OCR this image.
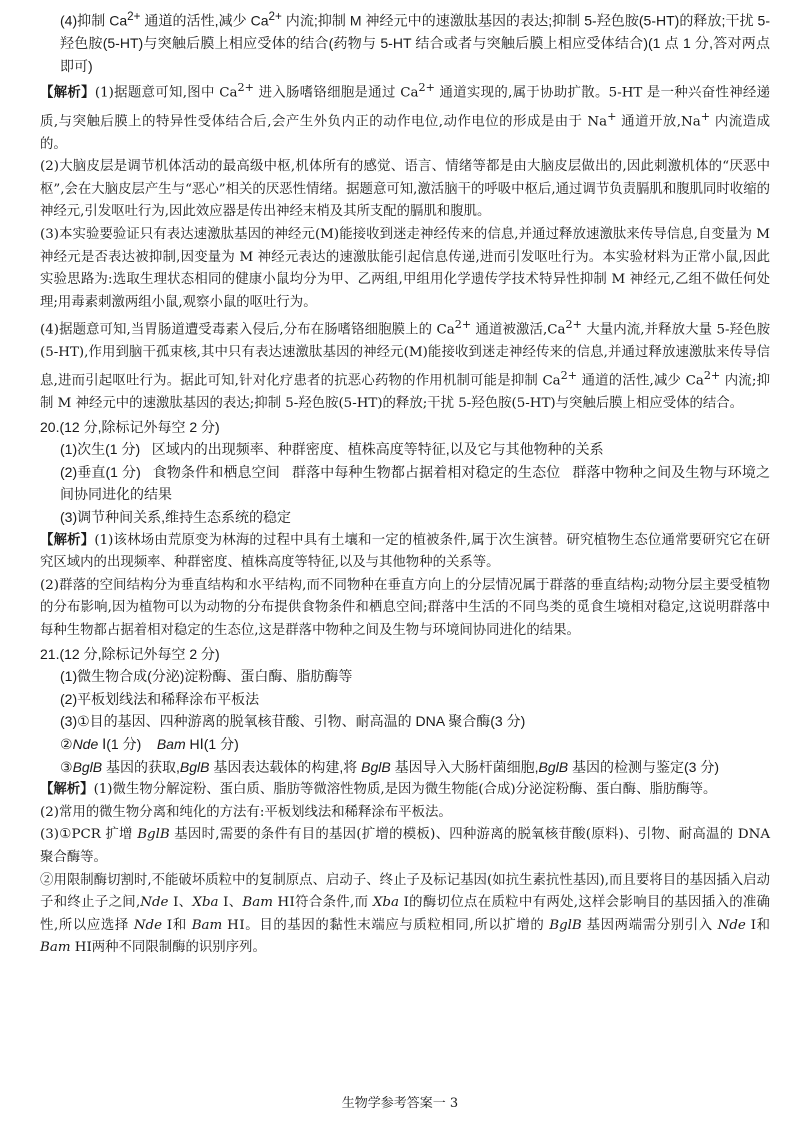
(4)抑制 $Ca^{2+}$ 通道的活性,减少 $Ca^{2+}$ 内流;抑制 M 神经元中的速激肽基因的表达;抑制 5-羟色胺(5-HT)的释放;干扰 5-羟色胺(5-HT)与突触后膜上相应受体的结合(药物与 5-HT 结合或者与突触后膜上相应受体结合)(1 点 1 分,答对两点即可)

【解析】(1)据题意可知,图中 $Ca^{2+}$ 进入肠嗜铬细胞是通过 $Ca^{2+}$ 通道实现的,属于协助扩散。5-HT 是一种兴奋性神经递质,与突触后膜上的特异性受体结合后,会产生外负内正的动作电位,动作电位的形成是由于 Na+ 通道开放,Na+ 内流造成的。

(2)大脑皮层是调节机体活动的最高级中枢,机体所有的感觉、语言、情绪等都是由大脑皮层做出的,因此刺激机体的“厌恶中枢”,会在大脑皮层产生与“恶心”相关的厌恶性情绪。据题意可知,激活脑干的呼吸中枢后,通过调节负责膈肌和腹肌同时收缩的神经元,引发呕吐行为,因此效应器是传出神经末梢及其所支配的膈肌和腹肌。

(3)本实验要验证只有表达速激肽基因的神经元(M)能接收到迷走神经传来的信息,并通过释放速激肽来传导信息,自变量为 M 神经元是否表达被抑制,因变量为 M 神经元表达的速激肽能引起信息传递,进而引发呕吐行为。本实验材料为正常小鼠,因此实验思路为:选取生理状态相同的健康小鼠均分为甲、乙两组,甲组用化学遗传学技术特异性抑制 M 神经元,乙组不做任何处理;用毒素刺激两组小鼠,观察小鼠的呕吐行为。

(4)据题意可知,当胃肠道遭受毒素入侵后,分布在肠嗜铬细胞膜上的 $Ca^{2+}$ 通道被激活$,Ca^{2+}$ 大量内流,并释放大量 5-羟色胺(5-HT),作用到脑干孤束核,其中只有表达速激肽基因的神经元(M)能接收到迷走神经传来的信息,并通过释放速激肽来传导信息,进而引起呕吐行为。据此可知,针对化疗患者的抗恶心药物的作用机制可能是抑制 $Ca^{2+}$ 通道的活性,减少 $Ca^{2+}$ 内流;抑制 M 神经元中的速激肽基因的表达;抑制 5-羟色胺(5-HT)的释放;干扰 5-羟色胺(5-HT)与突触后膜上相应受体的结合。

20.(12 分,除标记外每空 2 分)

(1)次生(1 分)   区域内的出现频率、种群密度、植株高度等特征,以及它与其他物种的关系

(2)垂直(1 分)   食物条件和栖息空间   群落中每种生物都占据着相对稳定的生态位   群落中物种之间及生物与环境之间协同进化的结果

(3)调节种间关系,维持生态系统的稳定

【解析】(1)该林场由荒原变为林海的过程中具有土壤和一定的植被条件,属于次生演替。研究植物生态位通常要研究它在研究区域内的出现频率、种群密度、植株高度等特征,以及与其他物种的关系等。

(2)群落的空间结构分为垂直结构和水平结构,而不同物种在垂直方向上的分层情况属于群落的垂直结构;动物分层主要受植物的分布影响,因为植物可以为动物的分布提供食物条件和栖息空间;群落中生活的不同鸟类的觅食生境相对稳定,这说明群落中每种生物都占据着相对稳定的生态位,这是群落中物种之间及生物与环境间协同进化的结果。

21.(12 分,除标记外每空 2 分)

(1)微生物合成(分泌)淀粉酶、蛋白酶、脂肪酶等

(2)平板划线法和稀释涂布平板法

(3)①目的基因、四种游离的脱氧核苷酸、引物、耐高温的 DNA 聚合酶(3 分)

②Nde Ⅰ(1 分)    Bam HⅠ(1 分)

③BglB 基因的获取,BglB 基因表达载体的构建,将 BglB 基因导入大肠杆菌细胞,BglB 基因的检测与鉴定(3 分)

【解析】(1)微生物分解淀粉、蛋白质、脂肪等微溶性物质,是因为微生物能(合成)分泌淀粉酶、蛋白酶、脂肪酶等。

(2)常用的微生物分离和纯化的方法有:平板划线法和稀释涂布平板法。

(3)①PCR 扩增 BglB 基因时,需要的条件有目的基因(扩增的模板)、四种游离的脱氧核苷酸(原料)、引物、耐高温的 DNA 聚合酶等。

②用限制酶切割时,不能破坏质粒中的复制原点、启动子、终止子及标记基因(如抗生素抗性基因),而且要将目的基因插入启动子和终止子之间,Nde Ⅰ、Xba Ⅰ、Bam HⅠ符合条件,而 Xba Ⅰ的酶切位点在质粒中有两处,这样会影响目的基因插入的准确性,所以应选择 Nde Ⅰ和 Bam HⅠ。目的基因的黏性末端应与质粒相同,所以扩增的 BglB 基因两端需分别引入 Nde Ⅰ和 Bam HⅠ两种不同限制酶的识别序列。

生物学参考答案一 3
